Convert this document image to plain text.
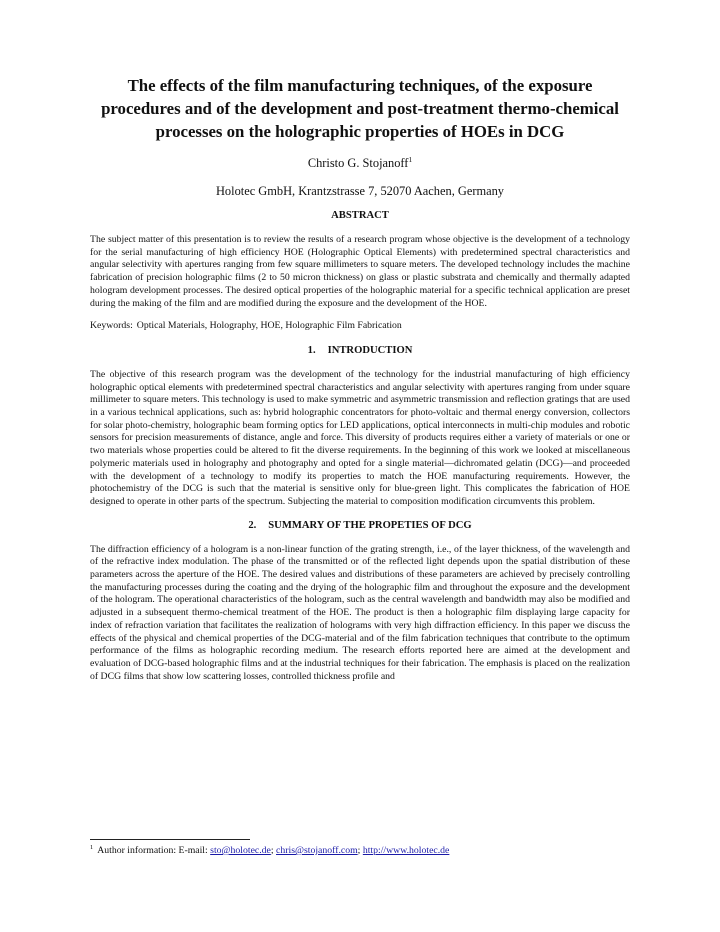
The effects of the film manufacturing techniques, of the exposure procedures and of the development and post-treatment thermo-chemical processes on the holographic properties of HOEs in DCG
Christo G. Stojanoff$^1$
Holotec GmbH, Krantzstrasse 7, 52070 Aachen, Germany
ABSTRACT

The subject matter of this presentation is to review the results of a research program whose objective is the development of a technology for the serial manufacturing of high efficiency HOE (Holographic Optical Elements) with predetermined spectral characteristics and angular selectivity with apertures ranging from few square millimeters to square meters. The developed technology includes the machine fabrication of precision holographic films (2 to 50 micron thickness) on glass or plastic substrata and chemically and thermally adapted hologram development processes. The desired optical properties of the holographic material for a specific technical application are preset during the making of the film and are modified during the exposure and the development of the HOE.

Keywords: Optical Materials, Holography, HOE, Holographic Film Fabrication

1. INTRODUCTION

The objective of this research program was the development of the technology for the industrial manufacturing of high efficiency holographic optical elements with predetermined spectral characteristics and angular selectivity with apertures ranging from under square millimeter to square meters. This technology is used to make symmetric and asymmetric transmission and reflection gratings that are used in a various technical applications, such as: hybrid holographic concentrators for photo-voltaic and thermal energy conversion, collectors for solar photo-chemistry, holographic beam forming optics for LED applications, optical interconnects in multi-chip modules and robotic sensors for precision measurements of distance, angle and force. This diversity of products requires either a variety of materials or one or two materials whose properties could be altered to fit the diverse requirements. In the beginning of this work we looked at miscellaneous polymeric materials used in holography and photography and opted for a single material—dichromated gelatin (DCG)—and proceeded with the development of a technology to modify its properties to match the HOE manufacturing requirements. However, the photochemistry of the DCG is such that the material is sensitive only for blue-green light. This complicates the fabrication of HOE designed to operate in other parts of the spectrum. Subjecting the material to composition modification circumvents this problem.

2. SUMMARY OF THE PROPETIES OF DCG

The diffraction efficiency of a hologram is a non-linear function of the grating strength, i.e., of the layer thickness, of the wavelength and of the refractive index modulation. The phase of the transmitted or of the reflected light depends upon the spatial distribution of these parameters across the aperture of the HOE. The desired values and distributions of these parameters are achieved by precisely controlling the manufacturing processes during the coating and the drying of the holographic film and throughout the exposure and the development of the hologram. The operational characteristics of the hologram, such as the central wavelength and bandwidth may also be modified and adjusted in a subsequent thermo-chemical treatment of the HOE. The product is then a holographic film displaying large capacity for index of refraction variation that facilitates the realization of holograms with very high diffraction efficiency. In this paper we discuss the effects of the physical and chemical properties of the DCG-material and of the film fabrication techniques that contribute to the optimum performance of the films as holographic recording medium. The research efforts reported here are aimed at the development and evaluation of DCG-based holographic films and at the industrial techniques for their fabrication. The emphasis is placed on the realization of DCG films that show low scattering losses, controlled thickness profile and

$^1$ Author information: E-mail: sto@holotec.de; chris@stojanoff.com; http://www.holotec.de
